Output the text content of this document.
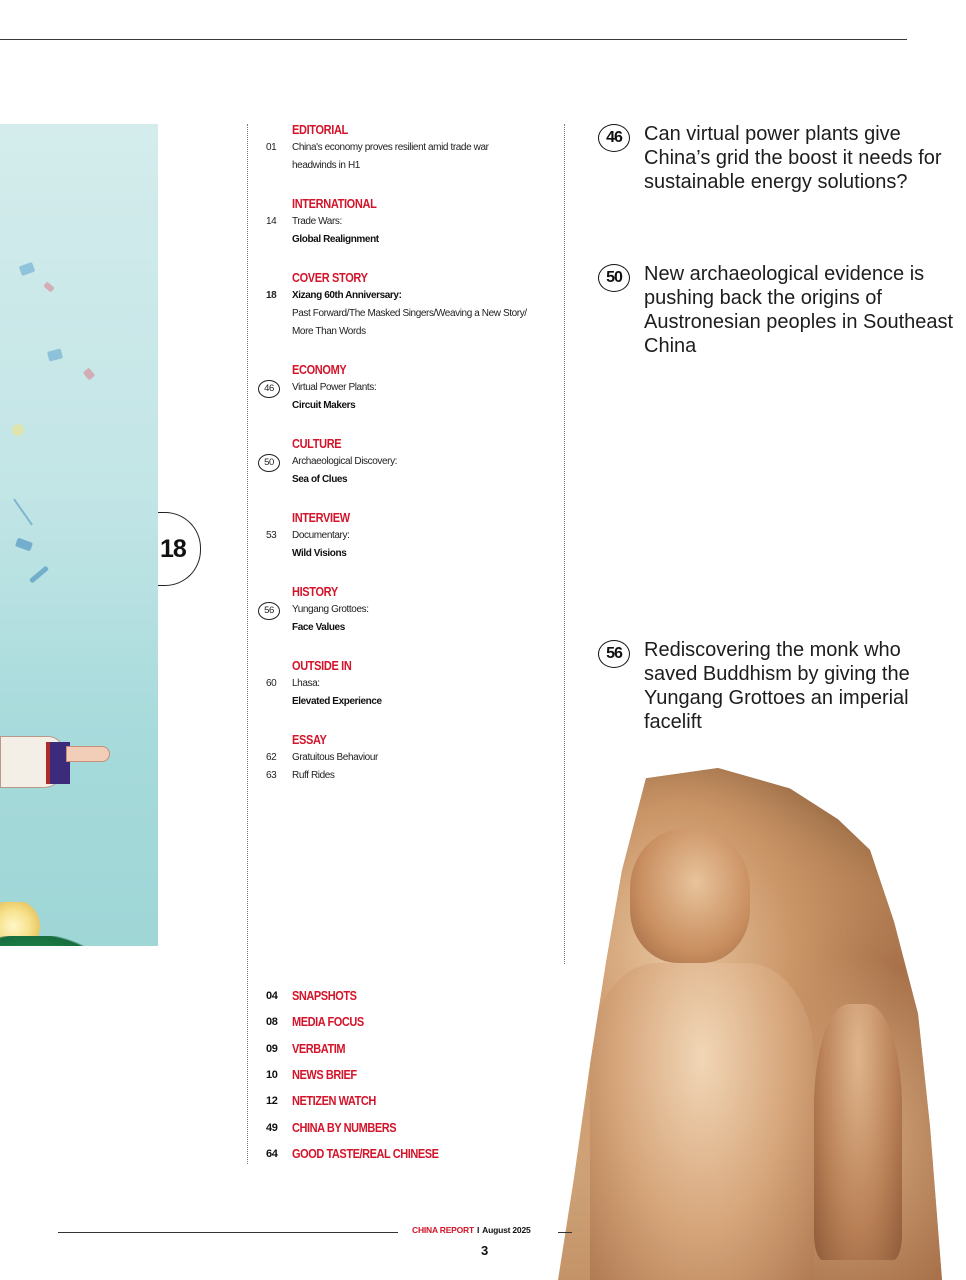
18
EDITORIAL
01	China's economy proves resilient amid trade war
headwinds in H1
INTERNATIONAL
14	Trade Wars:
Global Realignment
COVER STORY
18	Xizang 60th Anniversary:
Past Forward/The Masked Singers/Weaving a New Story/
More Than Words
ECONOMY
46	Virtual Power Plants:
Circuit Makers
CULTURE
50	Archaeological Discovery:
Sea of Clues
INTERVIEW
53	Documentary:
Wild Visions
HISTORY
56	Yungang Grottoes:
Face Values
OUTSIDE IN
60	Lhasa:
Elevated Experience
ESSAY
62	Gratuitous Behaviour
63	Ruff Rides
04	SNAPSHOTS
08	MEDIA FOCUS
09	VERBATIM
10	NEWS BRIEF
12	NETIZEN WATCH
49	CHINA BY NUMBERS
64	GOOD TASTE/REAL CHINESE
46	Can virtual power plants give China’s grid the boost it needs for sustainable energy solutions?
50	New archaeological evidence is pushing back the origins of Austronesian peoples in Southeast China
56	Rediscovering the monk who saved Buddhism by giving the Yungang Grottoes an imperial facelift
CHINA REPORT I August 2025
3
